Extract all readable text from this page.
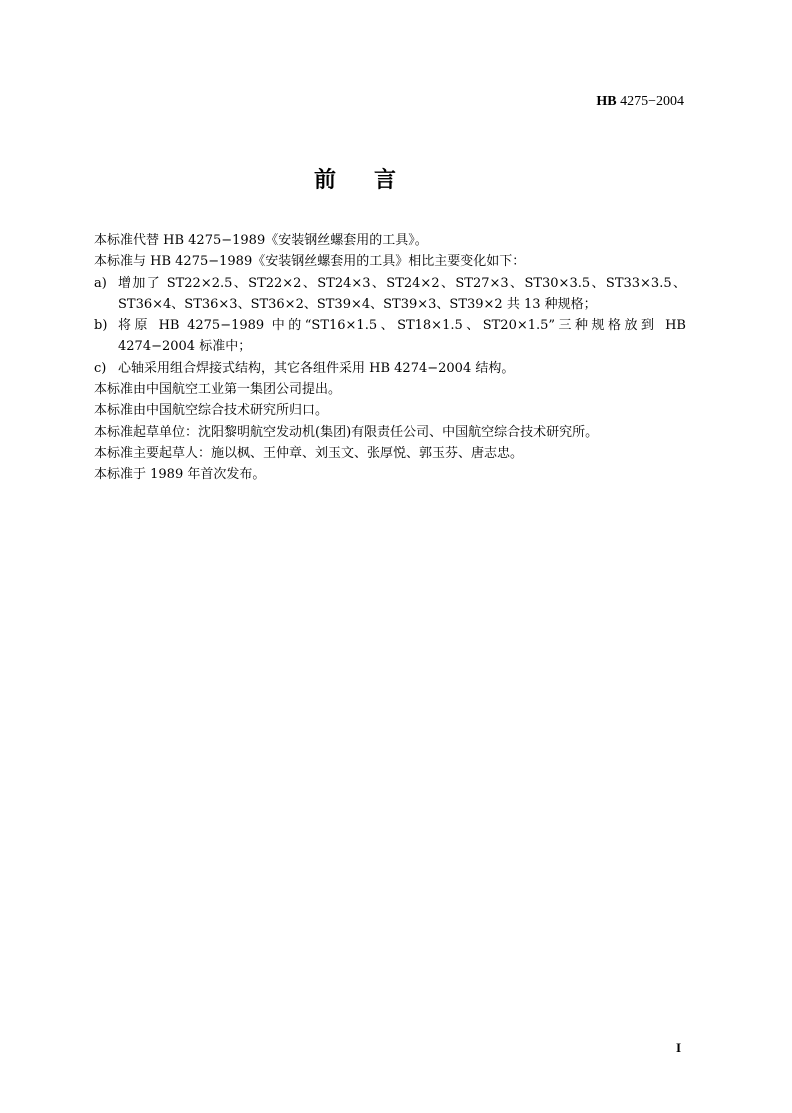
HB 4275−2004
前言
本标准代替 HB 4275−1989《安装钢丝螺套用的工具》。
本标准与 HB 4275−1989《安装钢丝螺套用的工具》相比主要变化如下：
a) 增加了 ST22×2.5、ST22×2、ST24×3、ST24×2、ST27×3、ST30×3.5、ST33×3.5、ST36×4、ST36×3、ST36×2、ST39×4、ST39×3、ST39×2 共 13 种规格；
b) 将原 HB 4275−1989 中的“ST16×1.5、ST18×1.5、ST20×1.5”三种规格放到 HB 4274−2004 标准中；
c) 心轴采用组合焊接式结构，其它各组件采用 HB 4274−2004 结构。
本标准由中国航空工业第一集团公司提出。
本标准由中国航空综合技术研究所归口。
本标准起草单位：沈阳黎明航空发动机(集团)有限责任公司、中国航空综合技术研究所。
本标准主要起草人：施以枫、王仲章、刘玉文、张厚悦、郭玉芬、唐志忠。
本标准于 1989 年首次发布。
I
